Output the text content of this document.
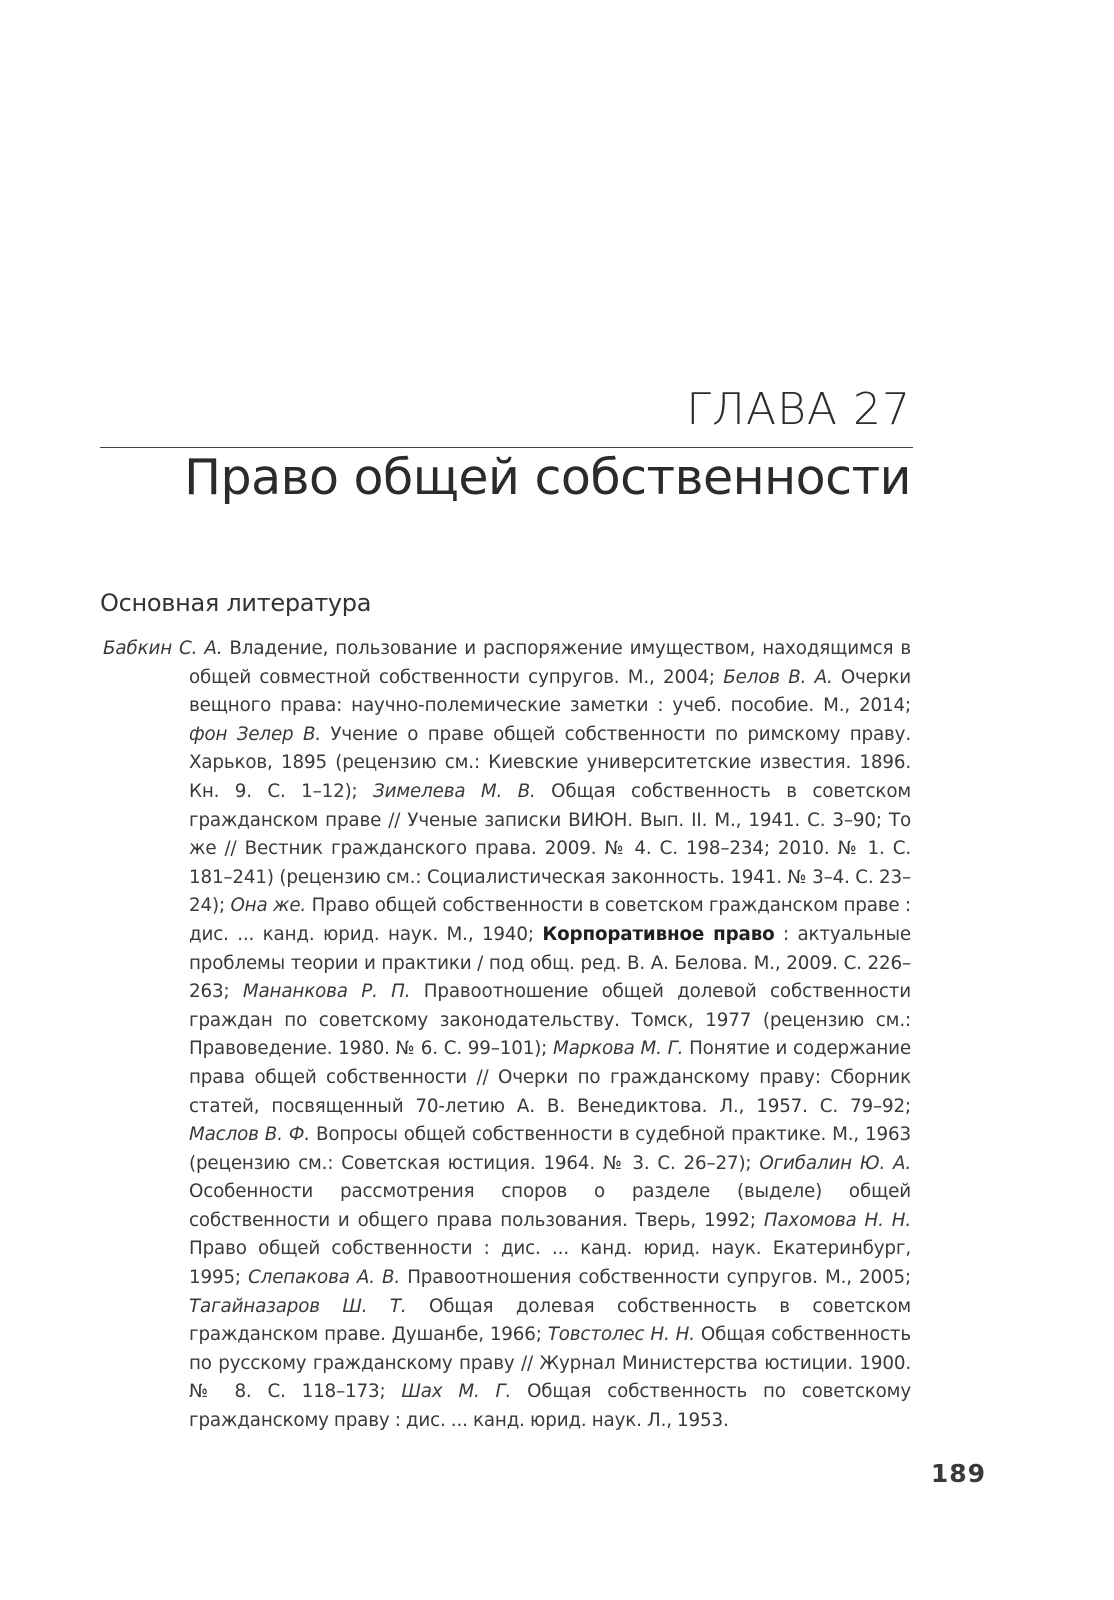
ГЛАВА 27
Право общей собственности
Основная литература

Бабкин С. А. Владение, пользование и распоряжение имуществом, находящимся в общей совместной собственности супругов. М., 2004; Белов В. А. Очерки вещного права: научно-полемические заметки : учеб. пособие. М., 2014; фон Зелер В. Учение о праве общей собственности по римскому праву. Харьков, 1895 (рецензию см.: Киевские университетские известия. 1896. Кн. 9. С. 1–12); Зимелева М. В. Общая собственность в советском гражданском праве // Ученые записки ВИЮН. Вып. II. М., 1941. С. 3–90; То же // Вестник гражданского права. 2009. № 4. С. 198–234; 2010. № 1. С. 181–241) (рецензию см.: Социалистическая законность. 1941. № 3–4. С. 23–24); Она же. Право общей собственности в советском гражданском праве : дис. ... канд. юрид. наук. М., 1940; Корпоративное право : актуальные проблемы теории и практики / под общ. ред. В. А. Белова. М., 2009. С. 226–263; Мананкова Р. П. Правоотношение общей долевой собственности граждан по советскому законодательству. Томск, 1977 (рецензию см.: Правоведение. 1980. № 6. С. 99–101); Маркова М. Г. Понятие и содержание права общей собственности // Очерки по гражданскому праву: Сборник статей, посвященный 70-летию А. В. Венедиктова. Л., 1957. С. 79–92; Маслов В. Ф. Вопросы общей собственности в судебной практике. М., 1963 (рецензию см.: Советская юстиция. 1964. № 3. С. 26–27); Огибалин Ю. А. Особенности рассмотрения споров о разделе (выделе) общей собственности и общего права пользования. Тверь, 1992; Пахомова Н. Н. Право общей собственности : дис. ... канд. юрид. наук. Екатеринбург, 1995; Слепакова А. В. Правоотношения собственности супругов. М., 2005; Тагайназаров Ш. Т. Общая долевая собственность в советском гражданском праве. Душанбе, 1966; Товстолес Н. Н. Общая собственность по русскому гражданскому праву // Журнал Министерства юстиции. 1900. № 8. С. 118–173; Шах М. Г. Общая собственность по советскому гражданскому праву : дис. ... канд. юрид. наук. Л., 1953.

189
